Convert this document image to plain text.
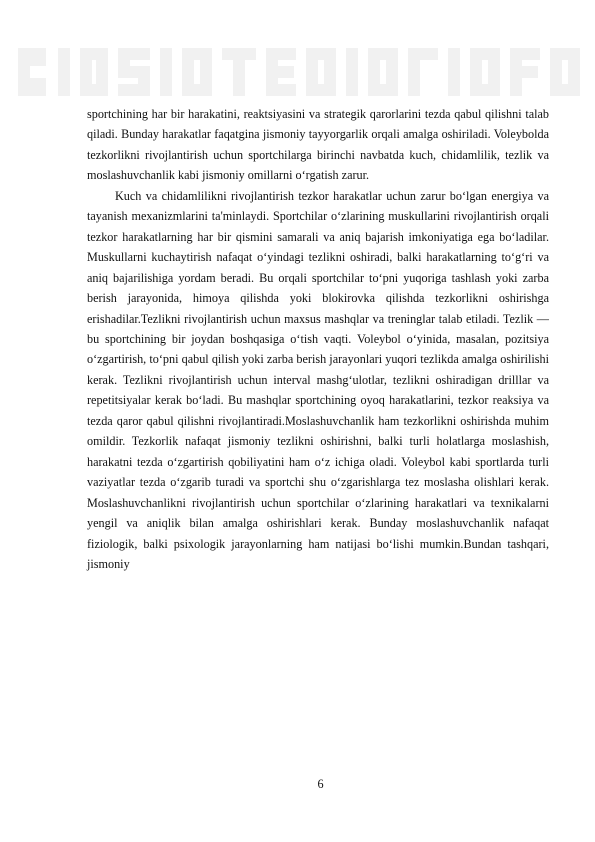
sportchining har bir harakatini, reaktsiyasini va strategik qarorlarini tezda qabul qilishni talab qiladi. Bunday harakatlar faqatgina jismoniy tayyorgarlik orqali amalga oshiriladi. Voleybolda tezkorlikni rivojlantirish uchun sportchilarga birinchi navbatda kuch, chidamlilik, tezlik va moslashuvchanlik kabi jismoniy omillarni o‘rgatish zarur.

Kuch va chidamlilikni rivojlantirish tezkor harakatlar uchun zarur bo‘lgan energiya va tayanish mexanizmlarini ta'minlaydi. Sportchilar o‘zlarining muskullarini rivojlantirish orqali tezkor harakatlarning har bir qismini samarali va aniq bajarish imkoniyatiga ega bo‘ladilar. Muskullarni kuchaytirish nafaqat o‘yindagi tezlikni oshiradi, balki harakatlarning to‘g‘ri va aniq bajarilishiga yordam beradi. Bu orqali sportchilar to‘pni yuqoriga tashlash yoki zarba berish jarayonida, himoya qilishda yoki blokirovka qilishda tezkorlikni oshirishga erishadilar.Tezlikni rivojlantirish uchun maxsus mashqlar va treninglar talab etiladi. Tezlik — bu sportchining bir joydan boshqasiga o‘tish vaqti. Voleybol o‘yinida, masalan, pozitsiya o‘zgartirish, to‘pni qabul qilish yoki zarba berish jarayonlari yuqori tezlikda amalga oshirilishi kerak. Tezlikni rivojlantirish uchun interval mashg‘ulotlar, tezlikni oshiradigan drilllar va repetitsiyalar kerak bo‘ladi. Bu mashqlar sportchining oyoq harakatlarini, tezkor reaksiya va tezda qaror qabul qilishni rivojlantiradi.Moslashuvchanlik ham tezkorlikni oshirishda muhim omildir. Tezkorlik nafaqat jismoniy tezlikni oshirishni, balki turli holatlarga moslashish, harakatni tezda o‘zgartirish qobiliyatini ham o‘z ichiga oladi. Voleybol kabi sportlarda turli vaziyatlar tezda o‘zgarib turadi va sportchi shu o‘zgarishlarga tez moslasha olishlari kerak. Moslashuvchanlikni rivojlantirish uchun sportchilar o‘zlarining harakatlari va texnikalarni yengil va aniqlik bilan amalga oshirishlari kerak. Bunday moslashuvchanlik nafaqat fiziologik, balki psixologik jarayonlarning ham natijasi bo‘lishi mumkin.Bundan tashqari, jismoniy

6
